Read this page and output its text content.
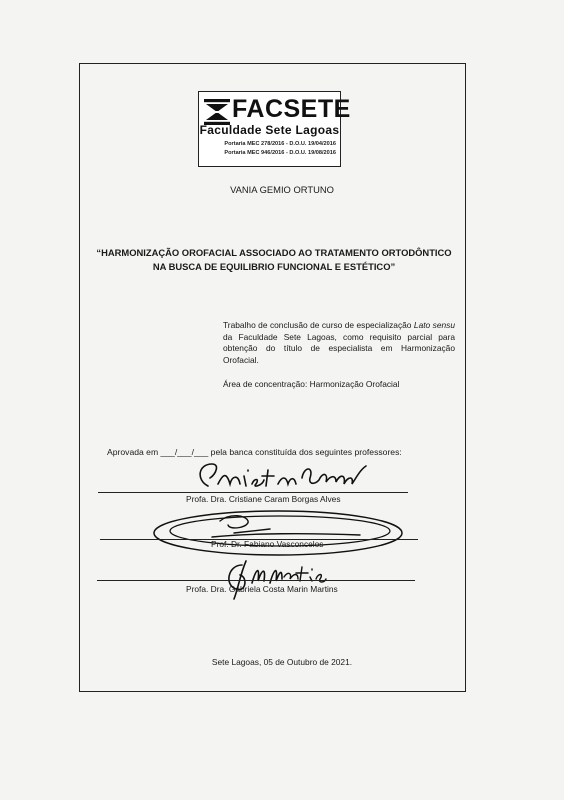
FACSETE
Faculdade Sete Lagoas
Portaria MEC 278/2016 - D.O.U. 19/04/2016
Portaria MEC 946/2016 - D.O.U. 19/08/2016
VANIA GEMIO ORTUNO
“HARMONIZAÇÃO OROFACIAL ASSOCIADO AO TRATAMENTO ORTODÔNTICO
NA BUSCA DE EQUILIBRIO FUNCIONAL E ESTÉTICO”
Trabalho de conclusão de curso de especialização Lato sensu da Faculdade Sete Lagoas, como requisito parcial para obtenção do título de especialista em Harmonização Orofacial.
Área de concentração: Harmonização Orofacial
Aprovada em ___/___/___ pela banca constituída dos seguintes professores:
Profa. Dra. Cristiane Caram Borgas Alves
Prof. Dr. Fabiano Vasconcelos
Profa. Dra. Gabriela Costa Marin Martins
Sete Lagoas, 05 de Outubro de 2021.
